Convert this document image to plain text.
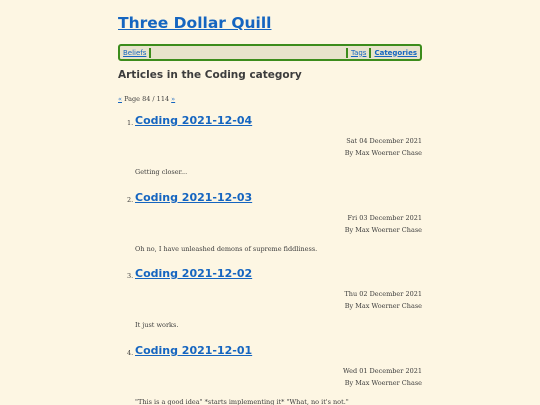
Three Dollar Quill
Beliefs	Tags	Categories
Articles in the Coding category
« Page 84 / 114 »
1. Coding 2021-12-04
Sat 04 December 2021
By Max Woerner Chase
Getting closer...
2. Coding 2021-12-03
Fri 03 December 2021
By Max Woerner Chase
Oh no, I have unleashed demons of supreme fiddliness.
3. Coding 2021-12-02
Thu 02 December 2021
By Max Woerner Chase
It just works.
4. Coding 2021-12-01
Wed 01 December 2021
By Max Woerner Chase
"This is a good idea" *starts implementing it* "What, no it's not."
